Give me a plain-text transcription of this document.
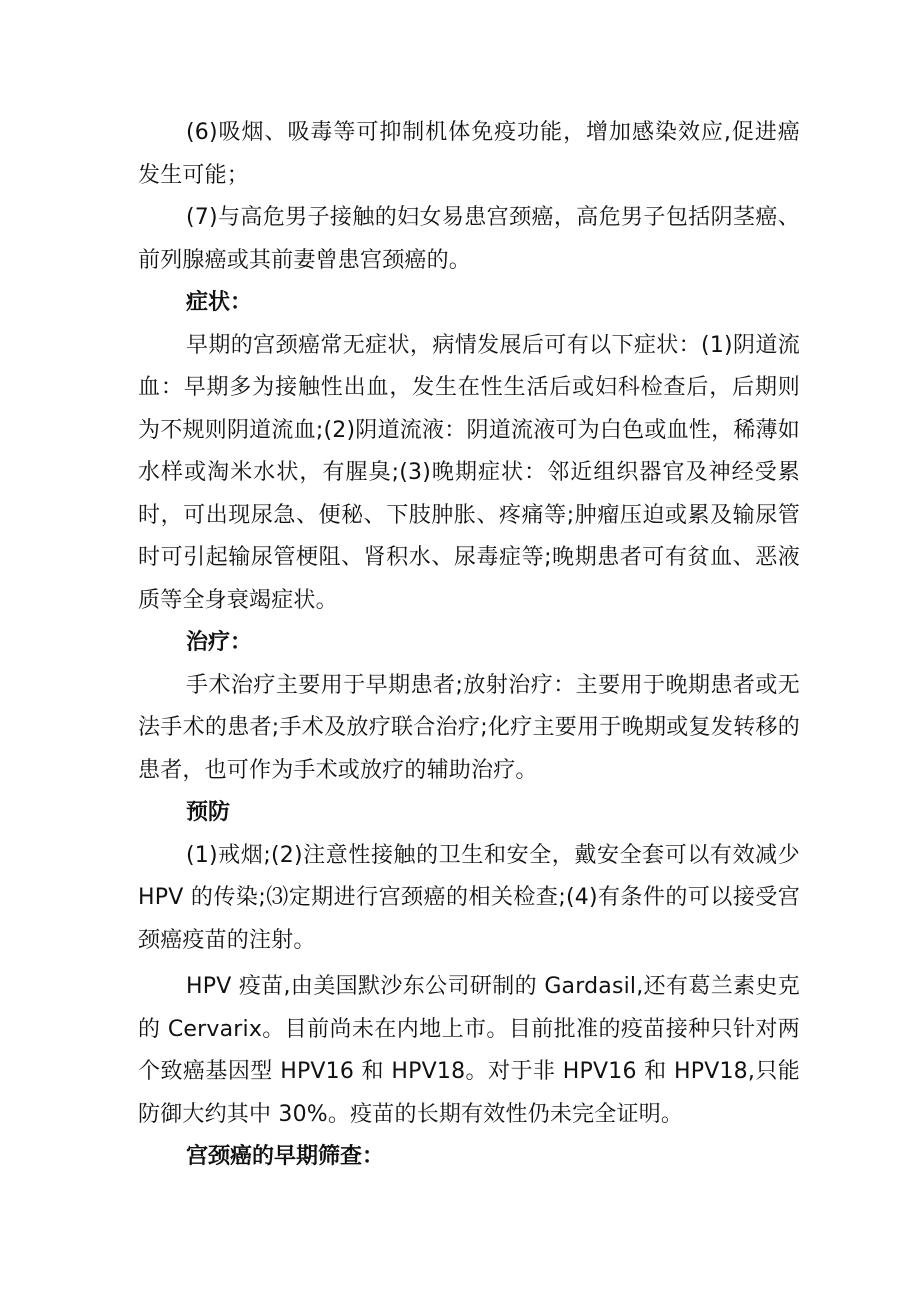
(6)吸烟、吸毒等可抑制机体免疫功能，增加感染效应,促进癌发生可能；

(7)与高危男子接触的妇女易患宫颈癌，高危男子包括阴茎癌、前列腺癌或其前妻曾患宫颈癌的。

症状：

早期的宫颈癌常无症状，病情发展后可有以下症状：(1)阴道流血：早期多为接触性出血，发生在性生活后或妇科检查后，后期则为不规则阴道流血;(2)阴道流液：阴道流液可为白色或血性，稀薄如水样或淘米水状，有腥臭;(3)晚期症状：邻近组织器官及神经受累时，可出现尿急、便秘、下肢肿胀、疼痛等;肿瘤压迫或累及输尿管时可引起输尿管梗阻、肾积水、尿毒症等;晚期患者可有贫血、恶液质等全身衰竭症状。

治疗：

手术治疗主要用于早期患者;放射治疗：主要用于晚期患者或无法手术的患者;手术及放疗联合治疗;化疗主要用于晚期或复发转移的患者，也可作为手术或放疗的辅助治疗。

预防

(1)戒烟;(2)注意性接触的卫生和安全，戴安全套可以有效减少 HPV 的传染;⑶定期进行宫颈癌的相关检查;(4)有条件的可以接受宫颈癌疫苗的注射。

HPV 疫苗,由美国默沙东公司研制的 Gardasil,还有葛兰素史克的 Cervarix。目前尚未在内地上市。目前批准的疫苗接种只针对两个致癌基因型 HPV16 和 HPV18。对于非 HPV16 和 HPV18,只能防御大约其中 30%。疫苗的长期有效性仍未完全证明。

宫颈癌的早期筛查：
